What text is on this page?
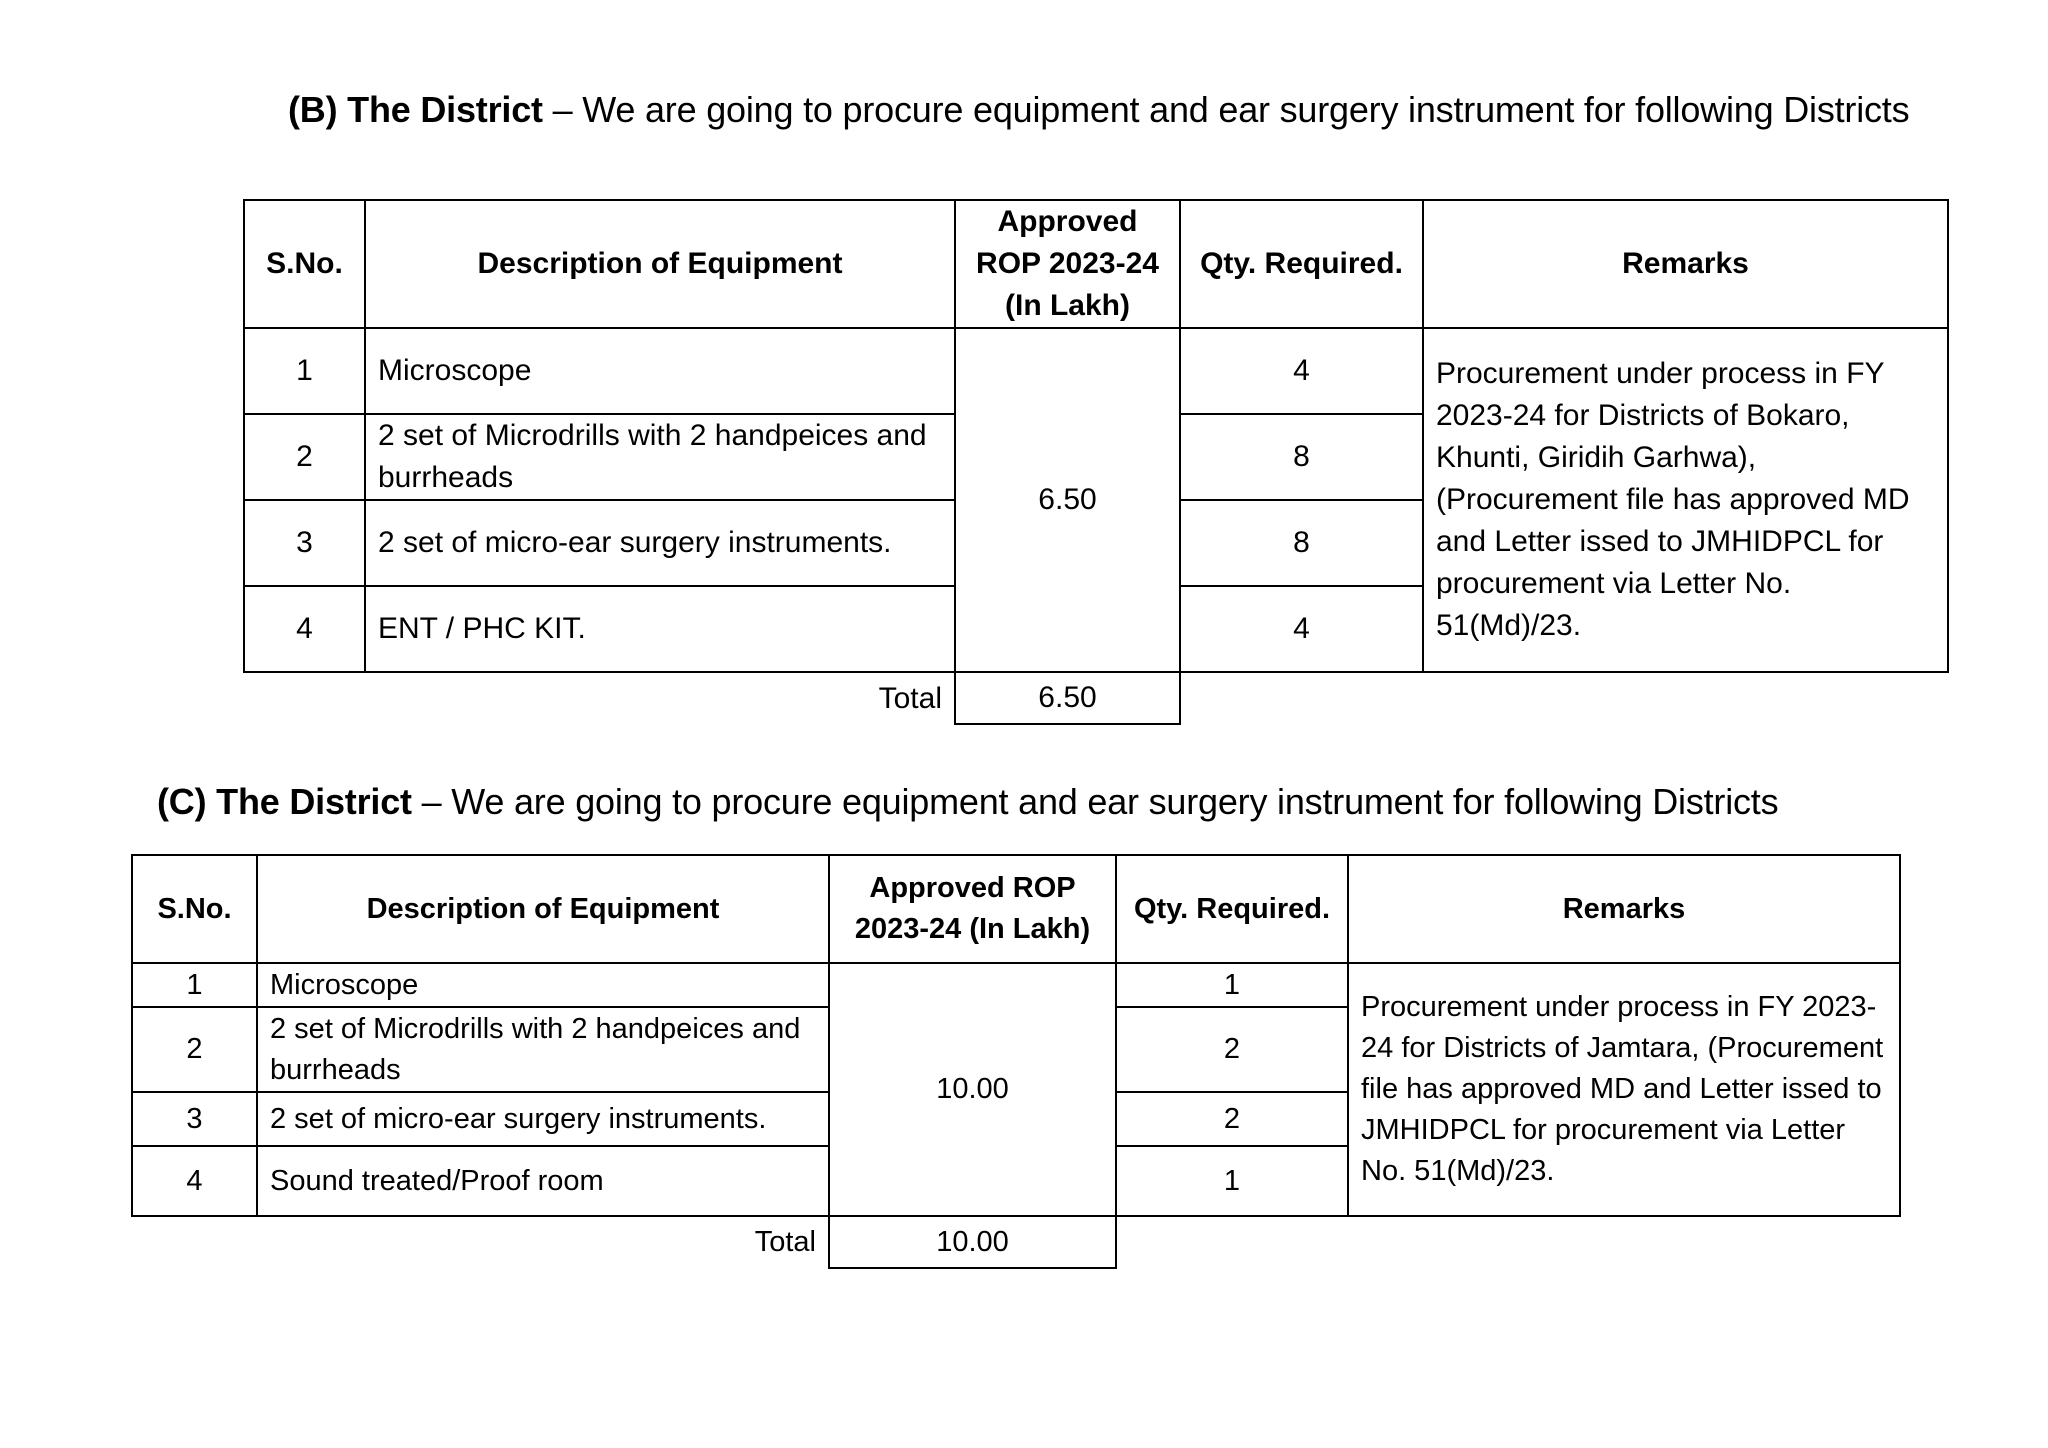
(B) The District – We are going to procure equipment and ear surgery instrument for following Districts
S.No.	Description of Equipment	Approved ROP 2023-24 (In Lakh)	Qty. Required.	Remarks
1	Microscope	6.50	4	Procurement under process in FY 2023-24 for Districts of Bokaro, Khunti, Giridih Garhwa), (Procurement file has approved MD and Letter issed to JMHIDPCL for procurement via Letter No. 51(Md)/23.
2	2 set of Microdrills with 2 handpeices and burrheads		8	
3	2 set of micro-ear surgery instruments.		8	
4	ENT / PHC KIT.		4	
	Total	6.50		
(C) The District – We are going to procure equipment and ear surgery instrument for following Districts
S.No.	Description of Equipment	Approved ROP 2023-24 (In Lakh)	Qty. Required.	Remarks
1	Microscope	10.00	1	Procurement under process in FY 2023-24 for Districts of Jamtara, (Procurement file has approved MD and Letter issed to JMHIDPCL for procurement via Letter No. 51(Md)/23.
2	2 set of Microdrills with 2 handpeices and burrheads		2	
3	2 set of micro-ear surgery instruments.		2	
4	Sound treated/Proof room		1	
	Total	10.00		
